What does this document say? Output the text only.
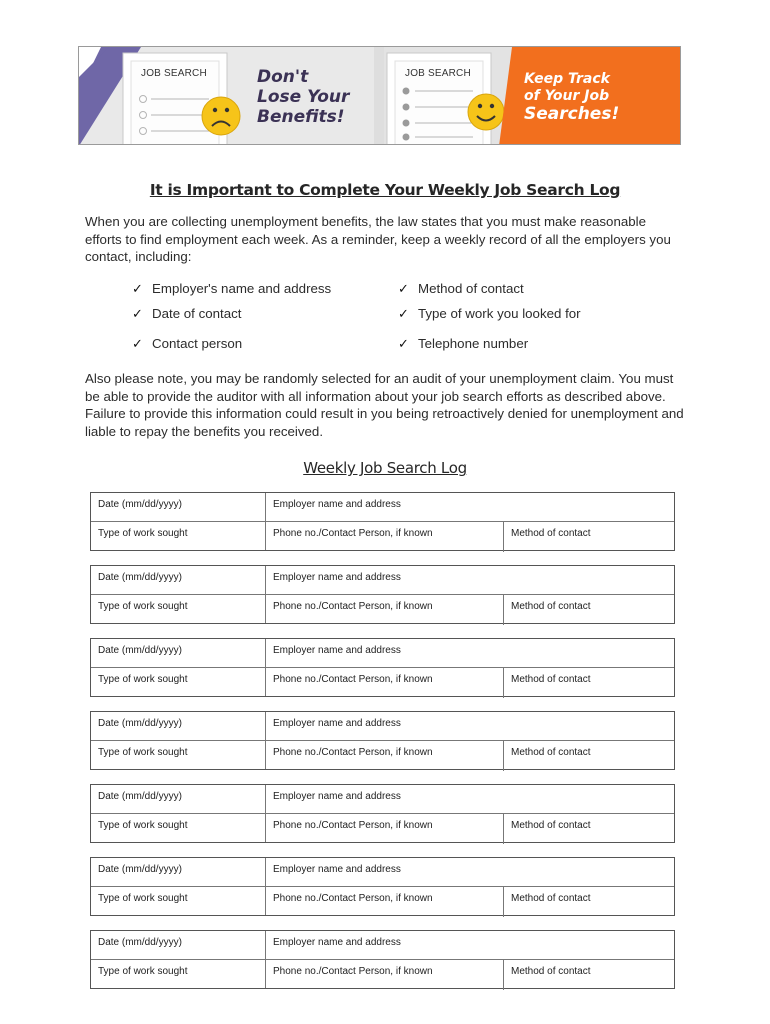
JOB SEARCH	JOB SEARCH
Don't
Lose Your
Benefits!
Keep Track
of Your Job
Searches!
It is Important to Complete Your Weekly Job Search Log
When you are collecting unemployment benefits, the law states that you must make reasonable efforts to find employment each week. As a reminder, keep a weekly record of all the employers you contact, including:
✓ Employer's name and address	✓ Method of contact
✓ Date of contact	✓ Type of work you looked for
✓ Contact person	✓ Telephone number
Also please note, you may be randomly selected for an audit of your unemployment claim. You must be able to provide the auditor with all information about your job search efforts as described above. Failure to provide this information could result in you being retroactively denied for unemployment and liable to repay the benefits you received.
Weekly Job Search Log
Date (mm/dd/yyyy)	Employer name and address
Type of work sought	Phone no./Contact Person, if known	Method of contact
Date (mm/dd/yyyy)	Employer name and address
Type of work sought	Phone no./Contact Person, if known	Method of contact
Date (mm/dd/yyyy)	Employer name and address
Type of work sought	Phone no./Contact Person, if known	Method of contact
Date (mm/dd/yyyy)	Employer name and address
Type of work sought	Phone no./Contact Person, if known	Method of contact
Date (mm/dd/yyyy)	Employer name and address
Type of work sought	Phone no./Contact Person, if known	Method of contact
Date (mm/dd/yyyy)	Employer name and address
Type of work sought	Phone no./Contact Person, if known	Method of contact
Date (mm/dd/yyyy)	Employer name and address
Type of work sought	Phone no./Contact Person, if known	Method of contact
